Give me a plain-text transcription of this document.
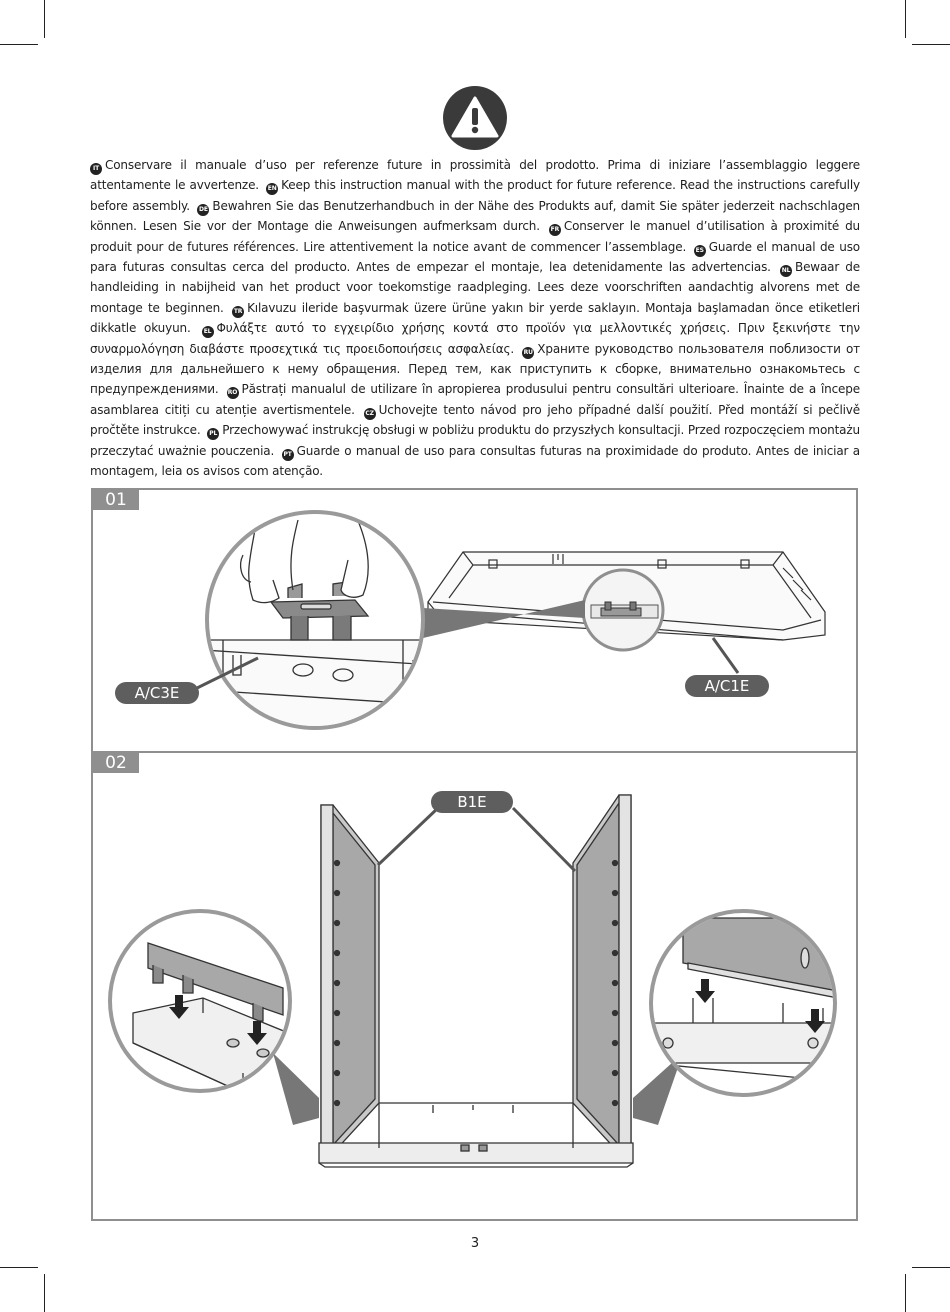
IT Conservare il manuale d’uso per referenze future in prossimità del prodotto. Prima di iniziare l’assemblaggio leggere attentamente le avvertenze. EN Keep this instruction manual with the product for future reference. Read the instructions carefully before assembly. DE Bewahren Sie das Benutzerhandbuch in der Nähe des Produkts auf, damit Sie später jederzeit nachschlagen können. Lesen Sie vor der Montage die Anweisungen aufmerksam durch. FR Conserver le manuel d’utilisation à proximité du produit pour de futures références. Lire attentivement la notice avant de commencer l’assemblage. ES Guarde el manual de uso para futuras consultas cerca del producto. Antes de empezar el montaje, lea detenidamente las advertencias. NL Bewaar de handleiding in nabijheid van het product voor toekomstige raadpleging. Lees deze voorschriften aandachtig alvorens met de montage te beginnen. TR Kılavuzu ileride başvurmak üzere ürüne yakın bir yerde saklayın. Montaja başlamadan önce etiketleri dikkatle okuyun. EL Φυλάξτε αυτό το εγχειρίδιο χρήσης κοντά στο προϊόν για μελλοντικές χρήσεις. Πριν ξεκινήστε την συναρμολόγηση διαβάστε προσεχτικά τις προειδοποιήσεις ασφαλείας. RU Храните руководство пользователя поблизости от изделия для дальнейшего к нему обращения. Перед тем, как приступить к сборке, внимательно ознакомьтесь с предупреждениями. RO Păstrați manualul de utilizare în apropierea produsului pentru consultări ulterioare. Înainte de a începe asamblarea citiți cu atenție avertismentele. CZ Uchovejte tento návod pro jeho případné další použití. Před montáží si pečlivě pročtěte instrukce. PL Przechowywać instrukcję obsługi w pobliżu produktu do przyszłych konsultacji. Przed rozpoczęciem montażu przeczytać uważnie pouczenia. PT Guarde o manual de uso para consultas futuras na proximidade do produto. Antes de iniciar a montagem, leia os avisos com atenção.
01
A/C3E	A/C1E
02
B1E
3
